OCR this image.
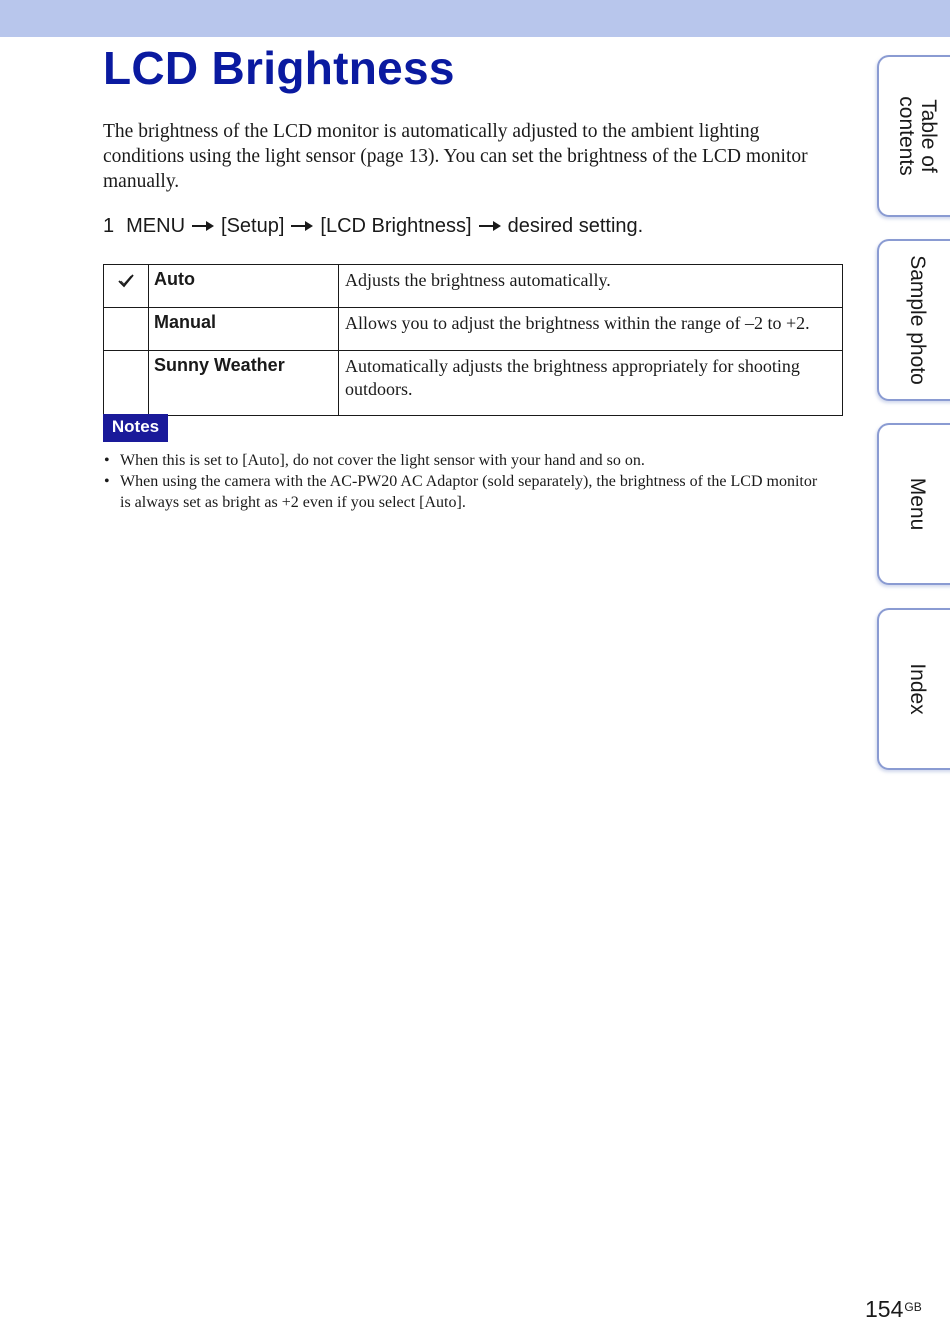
LCD Brightness

The brightness of the LCD monitor is automatically adjusted to the ambient lighting conditions using the light sensor (page 13). You can set the brightness of the LCD monitor manually.

1 MENU [Setup] [LCD Brightness] desired setting.
	Auto	Adjusts the brightness automatically.
	Manual	Allows you to adjust the brightness within the range of –2 to +2.
	Sunny Weather	Automatically adjusts the brightness appropriately for shooting outdoors.
Notes
• When this is set to [Auto], do not cover the light sensor with your hand and so on.
• When using the camera with the AC-PW20 AC Adaptor (sold separately), the brightness of the LCD monitor is always set as bright as +2 even if you select [Auto].
Table of
contents
Sample photo
Menu
Index
$154^{GB}$
